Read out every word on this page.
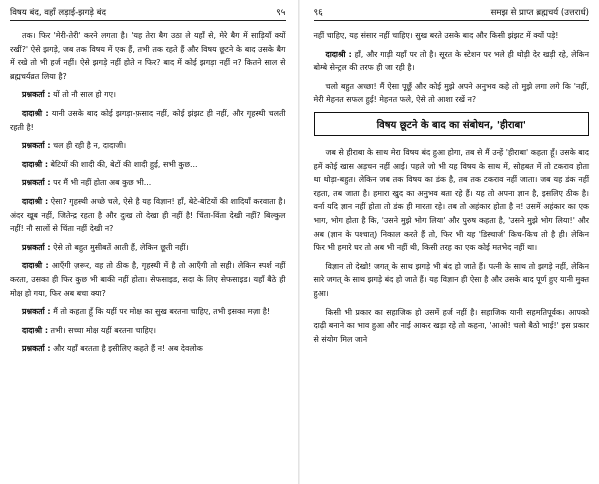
विषय बंद, वहाँ लड़ाई-झगड़े बंद	९५

तक। फिर 'मेरी-तेरी' करने लगता है। 'यह तेरा बैग उठा ले यहाँ से, मेरे बैग में साड़ियाँ क्यों रखीं?' ऐसे झगड़े, जब तक विषय में एक हैं, तभी तक रहते हैं और विषय छूटने के बाद उसके बैग में रखे तो भी हर्ज नहीं। ऐसे झगड़े नहीं होते न फिर? बाद में कोई झगड़ा नहीं न? कितने साल से ब्रह्मचर्यव्रत लिया है?

प्रश्नकर्ता : यों तो नौ साल हो गए।

दादाश्री : यानी उसके बाद कोई झगड़ा-फ़साद नहीं, कोई झंझट ही नहीं, और गृहस्थी चलती रहती है!

प्रश्नकर्ता : चल ही रही है न, दादाजी।

दादाश्री : बेटियों की शादी की, बेटों की शादी हुई, सभी कुछ...

प्रश्नकर्ता : पर मैं भी नहीं होता अब कुछ भी...

दादाश्री : ऐसा? गृहस्थी अच्छे चले, ऐसे है यह विज्ञान! हाँ, बेटे-बेटियों की शादियाँ करवाता है। अंदर खूब नहीं, जितेन्द्र रहता है और दुःख तो देखा ही नहीं है! चिंता-विंता देखी नहीं? बिल्कुल नहीं! नौ सालों से चिंता नहीं देखी न?

प्रश्नकर्ता : ऐसे तो बहुत मुसीबतें आती हैं, लेकिन छूती नहीं।

दादाश्री : आएँगी ज़रूर, वह तो ठीक है, गृहस्थी में है तो आएँगी तो सही। लेकिन स्पर्श नहीं करता, उसका ही फिर कुछ भी बाकी नहीं होता। सेफसाइड, सदा के लिए सेफसाइड। यहाँ बैठे ही मोक्ष हो गया, फिर अब बचा क्या?

प्रश्नकर्ता : मैं तो कहता हूँ कि यहीं पर मोक्ष का सुख बरतना चाहिए, तभी इसका मज़ा है!

दादाश्री : तभी। सच्चा मोक्ष यहीं बरतना चाहिए।

प्रश्नकर्ता : और यहाँ बरतता है इसीलिए कहते हैं न! अब देवलोक

९६	समझ से प्राप्त ब्रह्मचर्य (उत्तरार्ध)

नहीं चाहिए, यह संसार नहीं चाहिए। सुख बरते उसके बाद और किसी झंझट में क्यों पड़े!

दादाश्री : हाँ, और गाड़ी यहाँ पर तो है। सूरत के स्टेशन पर भले ही थोड़ी देर खड़ी रहे, लेकिन बोम्बे सेन्ट्रल की तरफ ही जा रही है।

चलो बहुत अच्छा! मैं ऐसा पूछूँ और कोई मुझे अपने अनुभव कहे तो मुझे लगा लगे कि 'नहीं, मेरी मेहनत सफल हुई! मेहनत फले, ऐसे तो आशा रखें न?

विषय छूटने के बाद का संबोधन, 'हीराबा'

जब से हीराबा के साथ मेरा विषय बंद हुआ होगा, तब से मैं उन्हें 'हीराबा' कहता हूँ। उसके बाद हमें कोई खास अड़चन नहीं आई। पहले जो भी यह विषय के साथ में, सोहबत में तो टकराव होता था थोड़ा-बहुत। लेकिन जब तक विषय का डंक है, तब तक टकराव नहीं जाता। जब यह डंक नहीं रहता, तब जाता है। हमारा खुद का अनुभव बता रहे हैं। यह तो अपना ज्ञान है, इसलिए ठीक है। वर्ना यदि ज्ञान नहीं होता तो डंक ही मारता रहे। तब तो अहंकार होता है न! उसमें अहंकार का एक भाग, भोग होता है कि, 'उसने मुझे भोग लिया' और पुरुष कहता है, 'उसने मुझे भोग लिया!' और अब (ज्ञान के पश्चात्) निकाल करते हैं तो, फिर भी यह 'डिस्चार्ज' किच-किच तो है ही। लेकिन फिर भी हमारे घर तो अब भी नहीं थी, किसी तरह का एक कोई मतभेद नहीं था।

विज्ञान तो देखो! जगत् के साथ झगड़े भी बंद हो जाते हैं। पत्नी के साथ तो झगड़े नहीं, लेकिन सारे जगत् के साथ झगड़े बंद हो जाते हैं। यह विज्ञान ही ऐसा है और उसके बाद पूर्ण हुए यानी मुक्त हुआ।

किसी भी प्रकार का सहाजिक हो उसमें हर्ज नहीं है। सहाजिक यानी सहमतिपूर्वक। आपको दाढ़ी बनाने का भाव हुआ और नाई आकर खड़ा रहे तो कहना, 'आओ! चलो बैठो भाई!' इस प्रकार से संयोग मिल जाने
